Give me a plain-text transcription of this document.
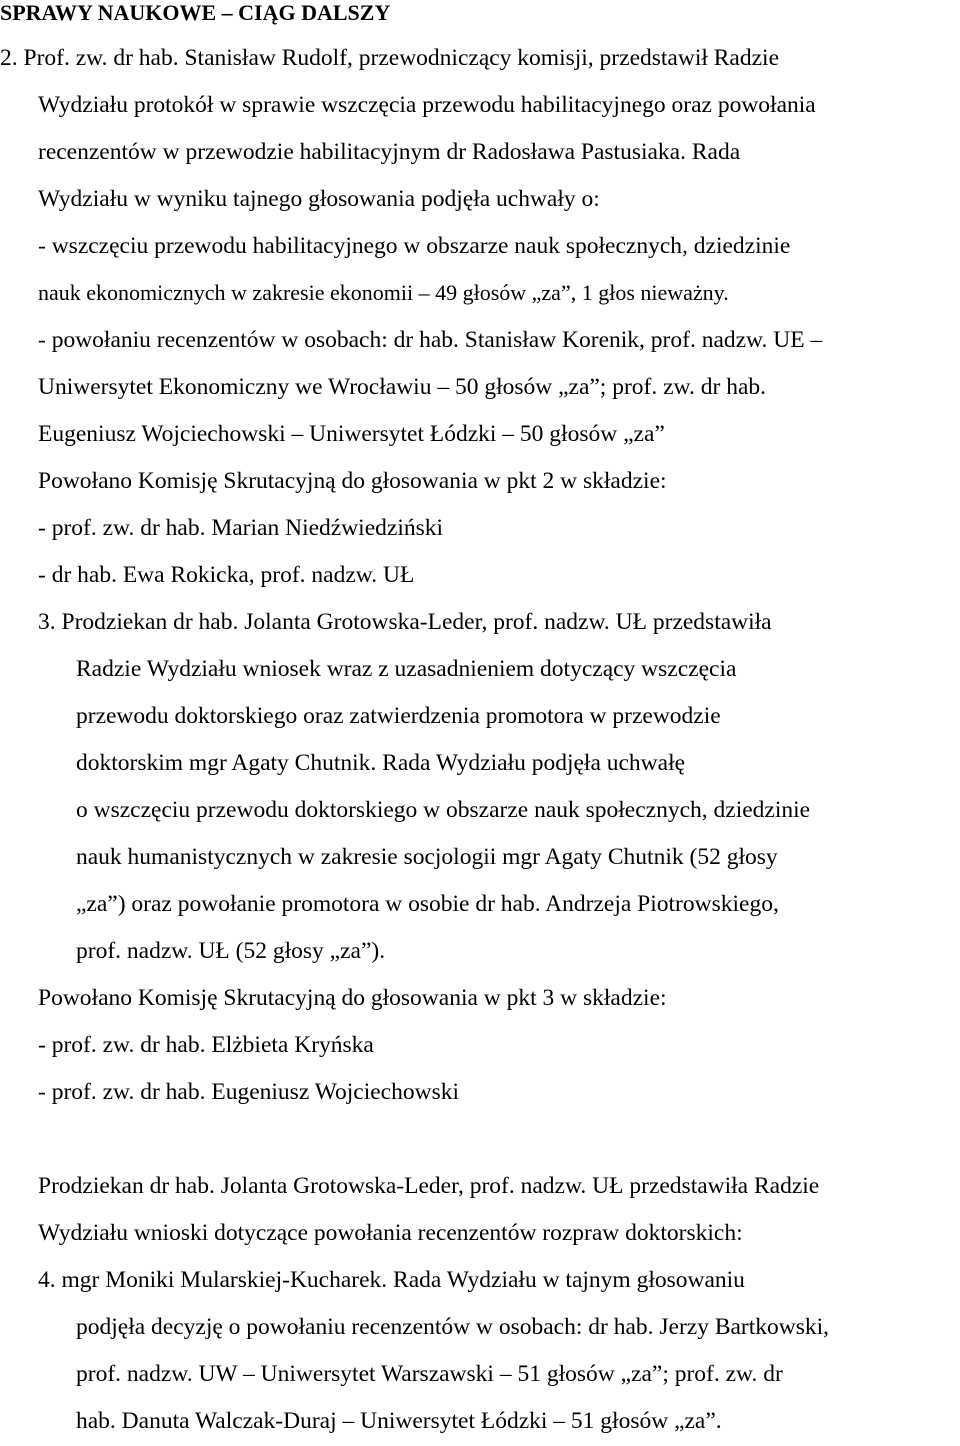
SPRAWY NAUKOWE – CIĄG DALSZY
2. Prof. zw. dr hab. Stanisław Rudolf, przewodniczący komisji, przedstawił Radzie
Wydziału protokół w sprawie wszczęcia przewodu habilitacyjnego oraz powołania
recenzentów w przewodzie habilitacyjnym dr Radosława Pastusiaka. Rada
Wydziału w wyniku tajnego głosowania podjęła uchwały o:
- wszczęciu przewodu habilitacyjnego w obszarze nauk społecznych, dziedzinie
nauk ekonomicznych w zakresie ekonomii – 49 głosów „za”, 1 głos nieważny.
- powołaniu recenzentów w osobach: dr hab. Stanisław Korenik, prof. nadzw. UE –
Uniwersytet Ekonomiczny we Wrocławiu – 50 głosów „za”; prof. zw. dr hab.
Eugeniusz Wojciechowski – Uniwersytet Łódzki – 50 głosów „za”
Powołano Komisję Skrutacyjną do głosowania w pkt 2 w składzie:
- prof. zw. dr hab. Marian Niedźwiedziński
- dr hab. Ewa Rokicka, prof. nadzw. UŁ
3. Prodziekan dr hab. Jolanta Grotowska-Leder, prof. nadzw. UŁ przedstawiła
Radzie Wydziału wniosek wraz z uzasadnieniem dotyczący wszczęcia
przewodu doktorskiego oraz zatwierdzenia promotora w przewodzie
doktorskim mgr Agaty Chutnik. Rada Wydziału podjęła uchwałę
o wszczęciu przewodu doktorskiego w obszarze nauk społecznych, dziedzinie
nauk humanistycznych w zakresie socjologii mgr Agaty Chutnik (52 głosy
„za”) oraz powołanie promotora w osobie dr hab. Andrzeja Piotrowskiego,
prof. nadzw. UŁ (52 głosy „za”).
Powołano Komisję Skrutacyjną do głosowania w pkt 3 w składzie:
- prof. zw. dr hab. Elżbieta Kryńska
- prof. zw. dr hab. Eugeniusz Wojciechowski
Prodziekan dr hab. Jolanta Grotowska-Leder, prof. nadzw. UŁ przedstawiła Radzie
Wydziału wnioski dotyczące powołania recenzentów rozpraw doktorskich:
4. mgr Moniki Mularskiej-Kucharek. Rada Wydziału w tajnym głosowaniu
podjęła decyzję o powołaniu recenzentów w osobach: dr hab. Jerzy Bartkowski,
prof. nadzw. UW – Uniwersytet Warszawski – 51 głosów „za”; prof. zw. dr
hab. Danuta Walczak-Duraj – Uniwersytet Łódzki – 51 głosów „za”.
